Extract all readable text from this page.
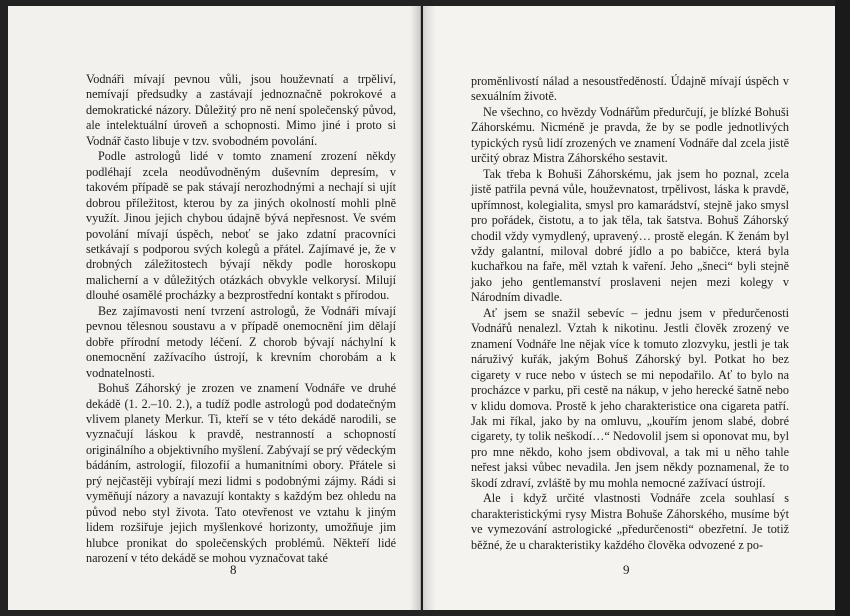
Vodnáři mívají pevnou vůli, jsou houževnatí a trpěliví, nemívají předsudky a zastávají jednoznačně pokrokové a demokratické názory. Důležitý pro ně není společenský původ, ale intelektuální úroveň a schopnosti. Mimo jiné i proto si Vodnář často libuje v tzv. svobodném povolání.

Podle astrologů lidé v tomto znamení zrození někdy podléhají zcela neodůvodněným duševním depresím, v takovém případě se pak stávají nerozhodnými a nechají si ujít dobrou příležitost, kterou by za jiných okolností mohli plně využít. Jinou jejich chybou údajně bývá nepřesnost. Ve svém povolání mívají úspěch, neboť se jako zdatní pracovníci setkávají s podporou svých kolegů a přátel. Zajímavé je, že v drobných záležitostech bývají někdy podle horoskopu malicherní a v důležitých otázkách obvykle velkorysí. Milují dlouhé osamělé procházky a bezprostřední kontakt s přírodou.

Bez zajímavosti není tvrzení astrologů, že Vodnáři mívají pevnou tělesnou soustavu a v případě onemocnění jim dělají dobře přírodní metody léčení. Z chorob bývají náchylní k onemocnění zažívacího ústrojí, k krevním chorobám a k vodnatelnosti.

Bohuš Záhorský je zrozen ve znamení Vodnáře ve druhé dekádě (1. 2.–10. 2.), a tudíž podle astrologů pod dodatečným vlivem planety Merkur. Ti, kteří se v této dekádě narodili, se vyznačují láskou k pravdě, nestranností a schopností originálního a objektivního myšlení. Zabývají se prý vědeckým bádáním, astrologií, filozofií a humanitními obory. Přátele si prý nejčastěji vybírají mezi lidmi s podobnými zájmy. Rádi si vyměňují názory a navazují kontakty s každým bez ohledu na původ nebo styl života. Tato otevřenost ve vztahu k jiným lidem rozšiřuje jejich myšlenkové horizonty, umožňuje jim hlubce pronikat do společenských problémů. Někteří lidé narození v této dekádě se mohou vyznačovat také

8

proměnlivostí nálad a nesoustředěností. Údajně mívají úspěch v sexuálním životě.

Ne všechno, co hvězdy Vodnářům předurčují, je blízké Bohuši Záhorskému. Nicméně je pravda, že by se podle jednotlivých typických rysů lidí zrozených ve znamení Vodnáře dal zcela jistě určitý obraz Mistra Záhorského sestavit.

Tak třeba k Bohuši Záhorskému, jak jsem ho poznal, zcela jistě patřila pevná vůle, houževnatost, trpělivost, láska k pravdě, upřímnost, kolegialita, smysl pro kamarádství, stejně jako smysl pro pořádek, čistotu, a to jak těla, tak šatstva. Bohuš Záhorský chodil vždy vymydlený, upravený… prostě elegán. K ženám byl vždy galantní, miloval dobré jídlo a po babičce, která byla kuchařkou na faře, měl vztah k vaření. Jeho „šneci“ byli stejně jako jeho gentlemanství proslaveni nejen mezi kolegy v Národním divadle.

Ať jsem se snažil sebevíc – jednu jsem v předurčenosti Vodnářů nenalezl. Vztah k nikotinu. Jestli člověk zrozený ve znamení Vodnáře lne nějak více k tomuto zlozvyku, jestli je tak náruživý kuřák, jakým Bohuš Záhorský byl. Potkat ho bez cigarety v ruce nebo v ústech se mi nepodařilo. Ať to bylo na procházce v parku, při cestě na nákup, v jeho herecké šatně nebo v klidu domova. Prostě k jeho charakteristice ona cigareta patří. Jak mi říkal, jako by na omluvu, „kouřím jenom slabé, dobré cigarety, ty tolik neškodí…“ Nedovolil jsem si oponovat mu, byl pro mne někdo, koho jsem obdivoval, a tak mi u něho tahle neřest jaksi vůbec nevadila. Jen jsem někdy poznamenal, že to škodí zdraví, zvláště by mu mohla nemocné zažívací ústrojí.

Ale i když určité vlastnosti Vodnáře zcela souhlasí s charakteristickými rysy Mistra Bohuše Záhorského, musíme být ve vymezování astrologické „předurčenosti“ obezřetní. Je totiž běžné, že u charakteristiky každého člověka odvozené z po-

9
